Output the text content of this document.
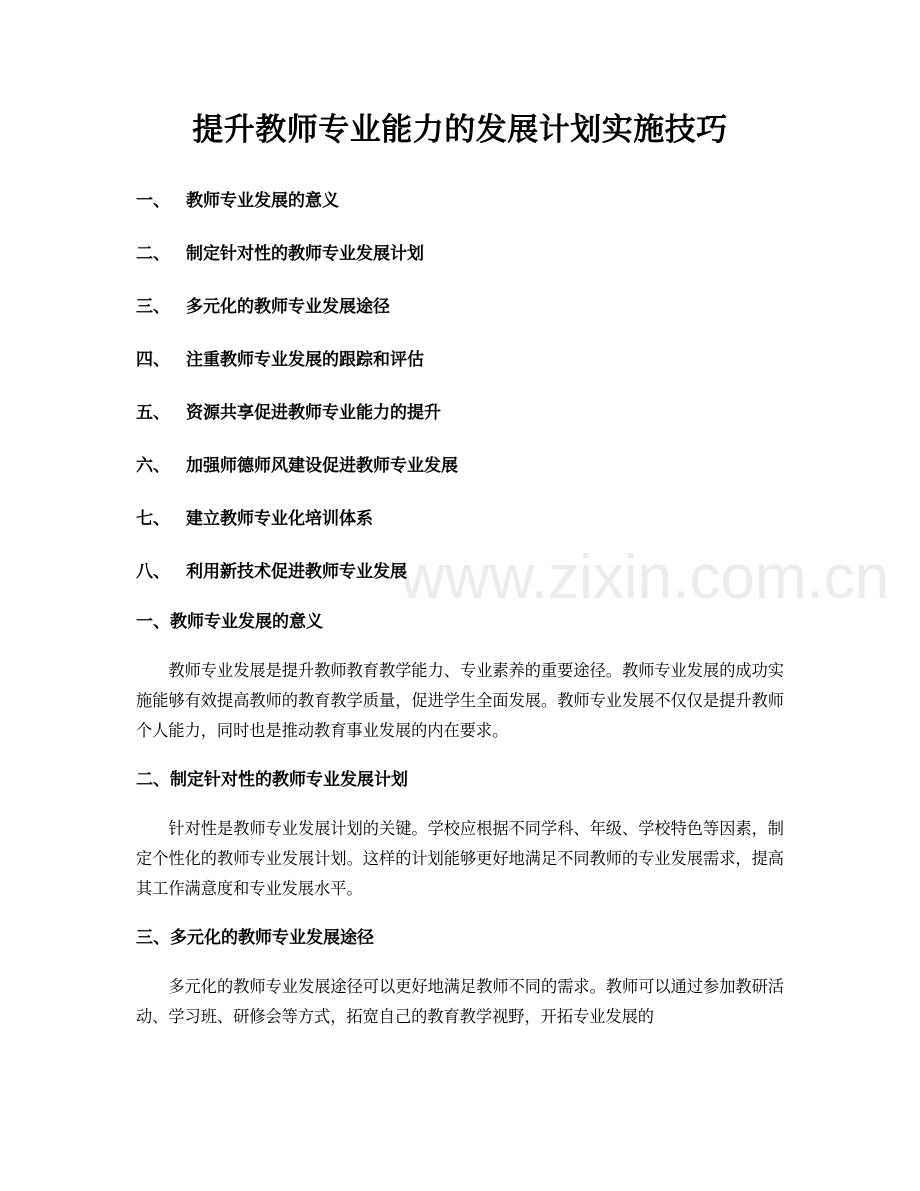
www.zixin.com.cn
提升教师专业能力的发展计划实施技巧
一、 教师专业发展的意义
二、 制定针对性的教师专业发展计划
三、 多元化的教师专业发展途径
四、 注重教师专业发展的跟踪和评估
五、 资源共享促进教师专业能力的提升
六、 加强师德师风建设促进教师专业发展
七、 建立教师专业化培训体系
八、 利用新技术促进教师专业发展
一、教师专业发展的意义

教师专业发展是提升教师教育教学能力、专业素养的重要途径。教师专业发展的成功实施能够有效提高教师的教育教学质量，促进学生全面发展。教师专业发展不仅仅是提升教师个人能力，同时也是推动教育事业发展的内在要求。

二、制定针对性的教师专业发展计划

针对性是教师专业发展计划的关键。学校应根据不同学科、年级、学校特色等因素，制定个性化的教师专业发展计划。这样的计划能够更好地满足不同教师的专业发展需求，提高其工作满意度和专业发展水平。

三、多元化的教师专业发展途径

多元化的教师专业发展途径可以更好地满足教师不同的需求。教师可以通过参加教研活动、学习班、研修会等方式，拓宽自己的教育教学视野，开拓专业发展的
